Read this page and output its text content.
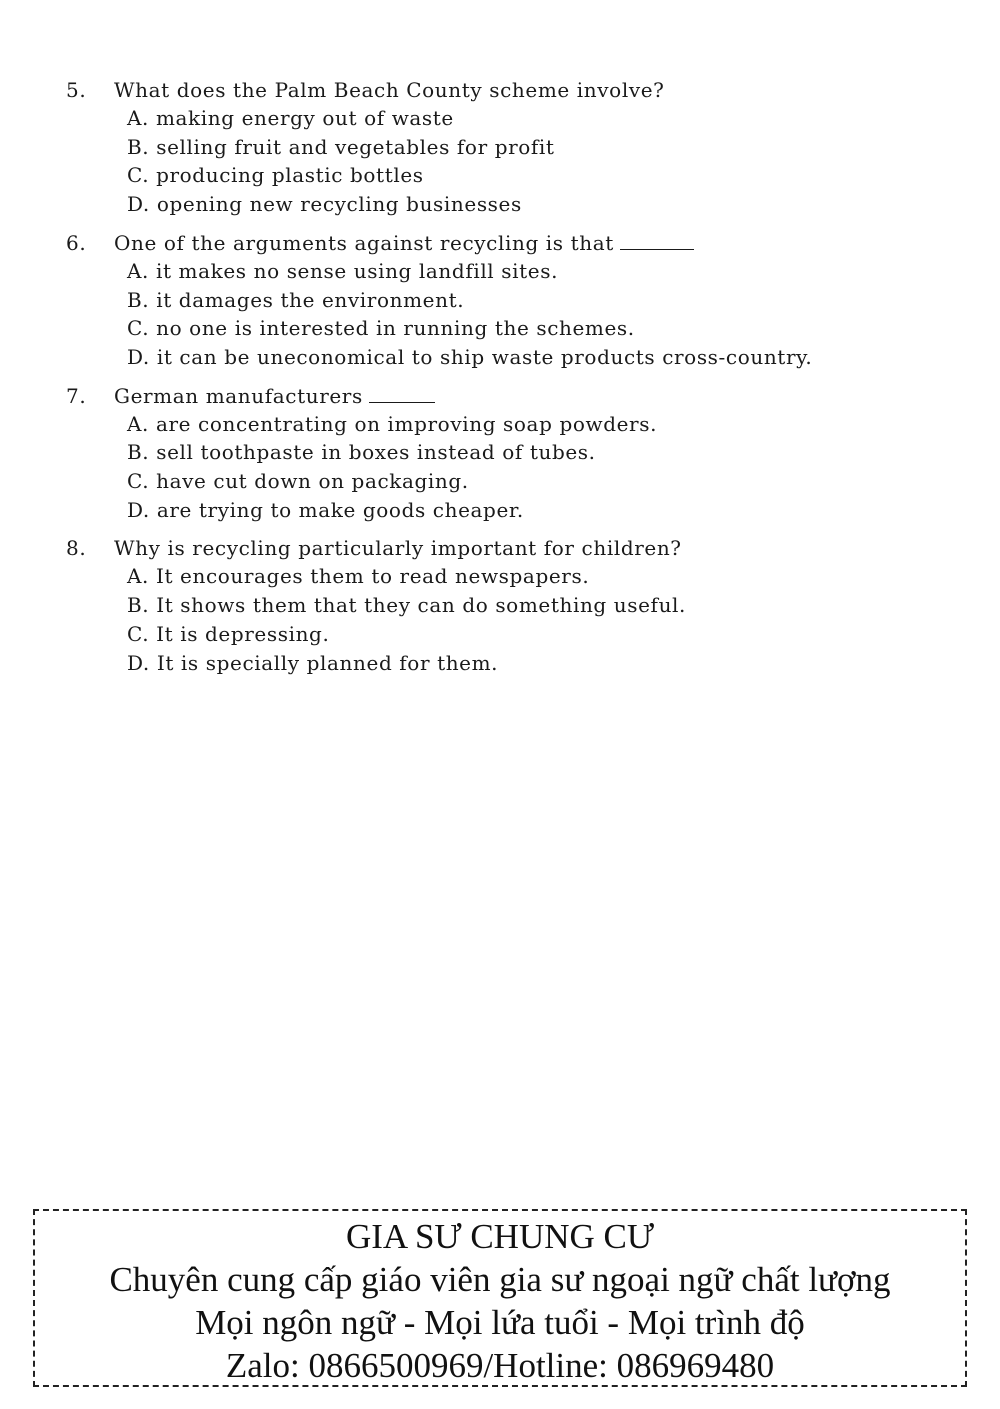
5. What does the Palm Beach County scheme involve?
A. making energy out of waste
B. selling fruit and vegetables for profit
C. producing plastic bottles
D. opening new recycling businesses
6. One of the arguments against recycling is that
A. it makes no sense using landfill sites.
B. it damages the environment.
C. no one is interested in running the schemes.
D. it can be uneconomical to ship waste products cross-country.
7. German manufacturers
A. are concentrating on improving soap powders.
B. sell toothpaste in boxes instead of tubes.
C. have cut down on packaging.
D. are trying to make goods cheaper.
8. Why is recycling particularly important for children?
A. It encourages them to read newspapers.
B. It shows them that they can do something useful.
C. It is depressing.
D. It is specially planned for them.
GIA SƯ CHUNG CƯ
Chuyên cung cấp giáo viên gia sư ngoại ngữ chất lượng
Mọi ngôn ngữ - Mọi lứa tuổi - Mọi trình độ
Zalo: 0866500969/Hotline: 086969480
